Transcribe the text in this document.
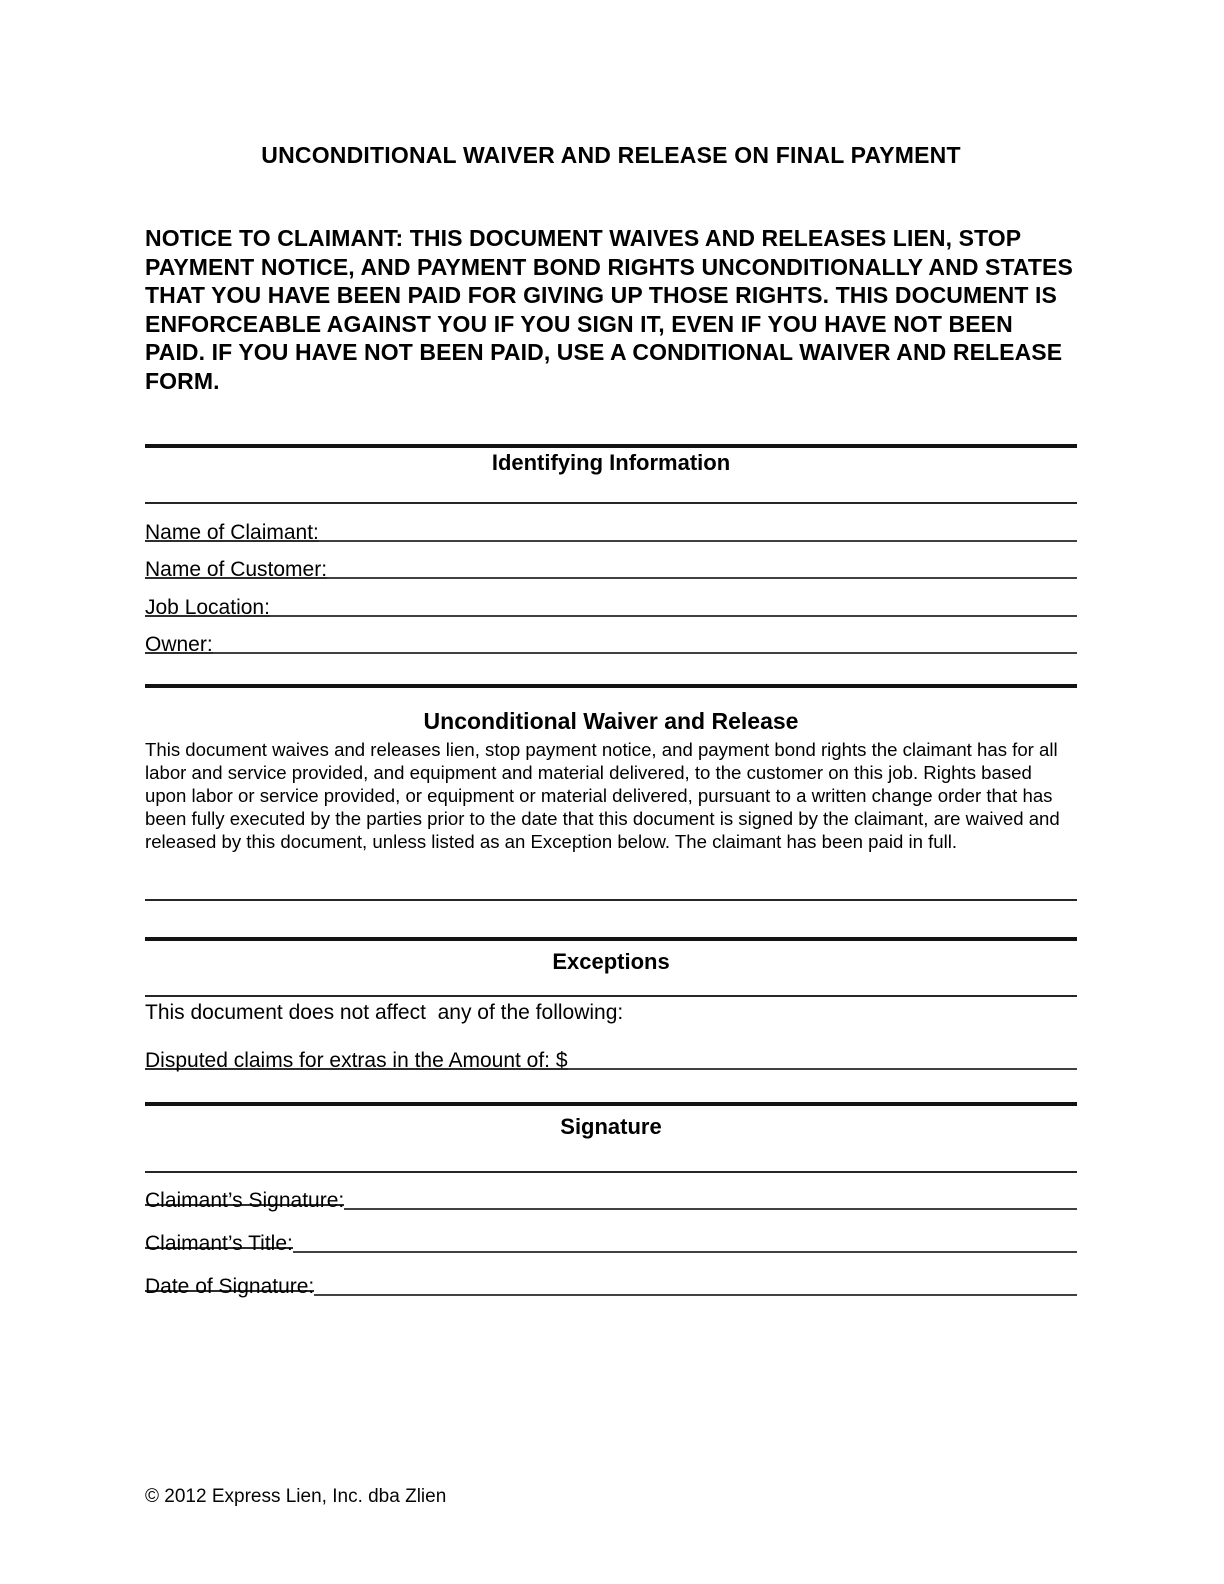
UNCONDITIONAL WAIVER AND RELEASE ON FINAL PAYMENT
NOTICE TO CLAIMANT: THIS DOCUMENT WAIVES AND RELEASES LIEN, STOP PAYMENT NOTICE, AND PAYMENT BOND RIGHTS UNCONDITIONALLY AND STATES THAT YOU HAVE BEEN PAID FOR GIVING UP THOSE RIGHTS. THIS DOCUMENT IS ENFORCEABLE AGAINST YOU IF YOU SIGN IT, EVEN IF YOU HAVE NOT BEEN PAID. IF YOU HAVE NOT BEEN PAID, USE A CONDITIONAL WAIVER AND RELEASE FORM.
Identifying Information
Name of Claimant:
Name of Customer:
Job Location:
Owner:
Unconditional Waiver and Release
This document waives and releases lien, stop payment notice, and payment bond rights the claimant has for all labor and service provided, and equipment and material delivered, to the customer on this job. Rights based upon labor or service provided, or equipment or material delivered, pursuant to a written change order that has been fully executed by the parties prior to the date that this document is signed by the claimant, are waived and released by this document, unless listed as an Exception below. The claimant has been paid in full.
Exceptions
This document does not affect  any of the following:
Disputed claims for extras in the Amount of: $
Signature
Claimant’s Signature:
Claimant’s Title:
Date of Signature:
© 2012 Express Lien, Inc. dba Zlien
